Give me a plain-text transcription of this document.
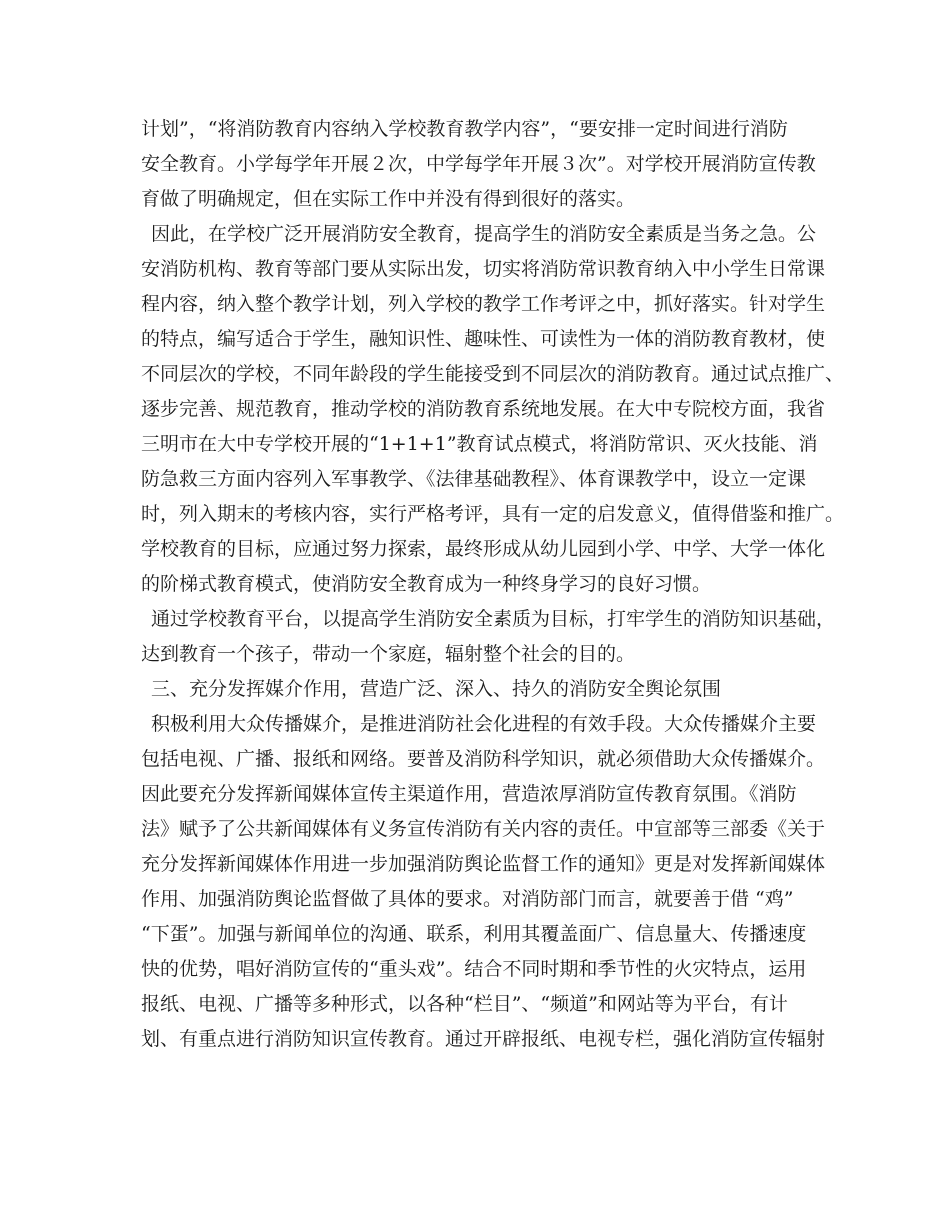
计划”，“将消防教育内容纳入学校教育教学内容”，“要安排一定时间进行消防
安全教育。小学每学年开展２次，中学每学年开展３次”。对学校开展消防宣传教
育做了明确规定，但在实际工作中并没有得到很好的落实。
因此，在学校广泛开展消防安全教育，提高学生的消防安全素质是当务之急。公
安消防机构、教育等部门要从实际出发，切实将消防常识教育纳入中小学生日常课
程内容，纳入整个教学计划，列入学校的教学工作考评之中，抓好落实。针对学生
的特点，编写适合于学生，融知识性、趣味性、可读性为一体的消防教育教材，使
不同层次的学校，不同年龄段的学生能接受到不同层次的消防教育。通过试点推广、
逐步完善、规范教育，推动学校的消防教育系统地发展。在大中专院校方面，我省
三明市在大中专学校开展的“1+1+1”教育试点模式，将消防常识、灭火技能、消
防急救三方面内容列入军事教学、《法律基础教程》、体育课教学中，设立一定课
时，列入期末的考核内容，实行严格考评，具有一定的启发意义，值得借鉴和推广。
学校教育的目标，应通过努力探索，最终形成从幼儿园到小学、中学、大学一体化
的阶梯式教育模式，使消防安全教育成为一种终身学习的良好习惯。
通过学校教育平台，以提高学生消防安全素质为目标，打牢学生的消防知识基础，
达到教育一个孩子，带动一个家庭，辐射整个社会的目的。
三、充分发挥媒介作用，营造广泛、深入、持久的消防安全舆论氛围
积极利用大众传播媒介，是推进消防社会化进程的有效手段。大众传播媒介主要
包括电视、广播、报纸和网络。要普及消防科学知识，就必须借助大众传播媒介。
因此要充分发挥新闻媒体宣传主渠道作用，营造浓厚消防宣传教育氛围。《消防
法》赋予了公共新闻媒体有义务宣传消防有关内容的责任。中宣部等三部委《关于
充分发挥新闻媒体作用进一步加强消防舆论监督工作的通知》更是对发挥新闻媒体
作用、加强消防舆论监督做了具体的要求。对消防部门而言，就要善于借 “鸡”
“下蛋”。加强与新闻单位的沟通、联系，利用其覆盖面广、信息量大、传播速度
快的优势，唱好消防宣传的“重头戏”。结合不同时期和季节性的火灾特点，运用
报纸、电视、广播等多种形式，以各种“栏目”、“频道”和网站等为平台，有计
划、有重点进行消防知识宣传教育。通过开辟报纸、电视专栏，强化消防宣传辐射
